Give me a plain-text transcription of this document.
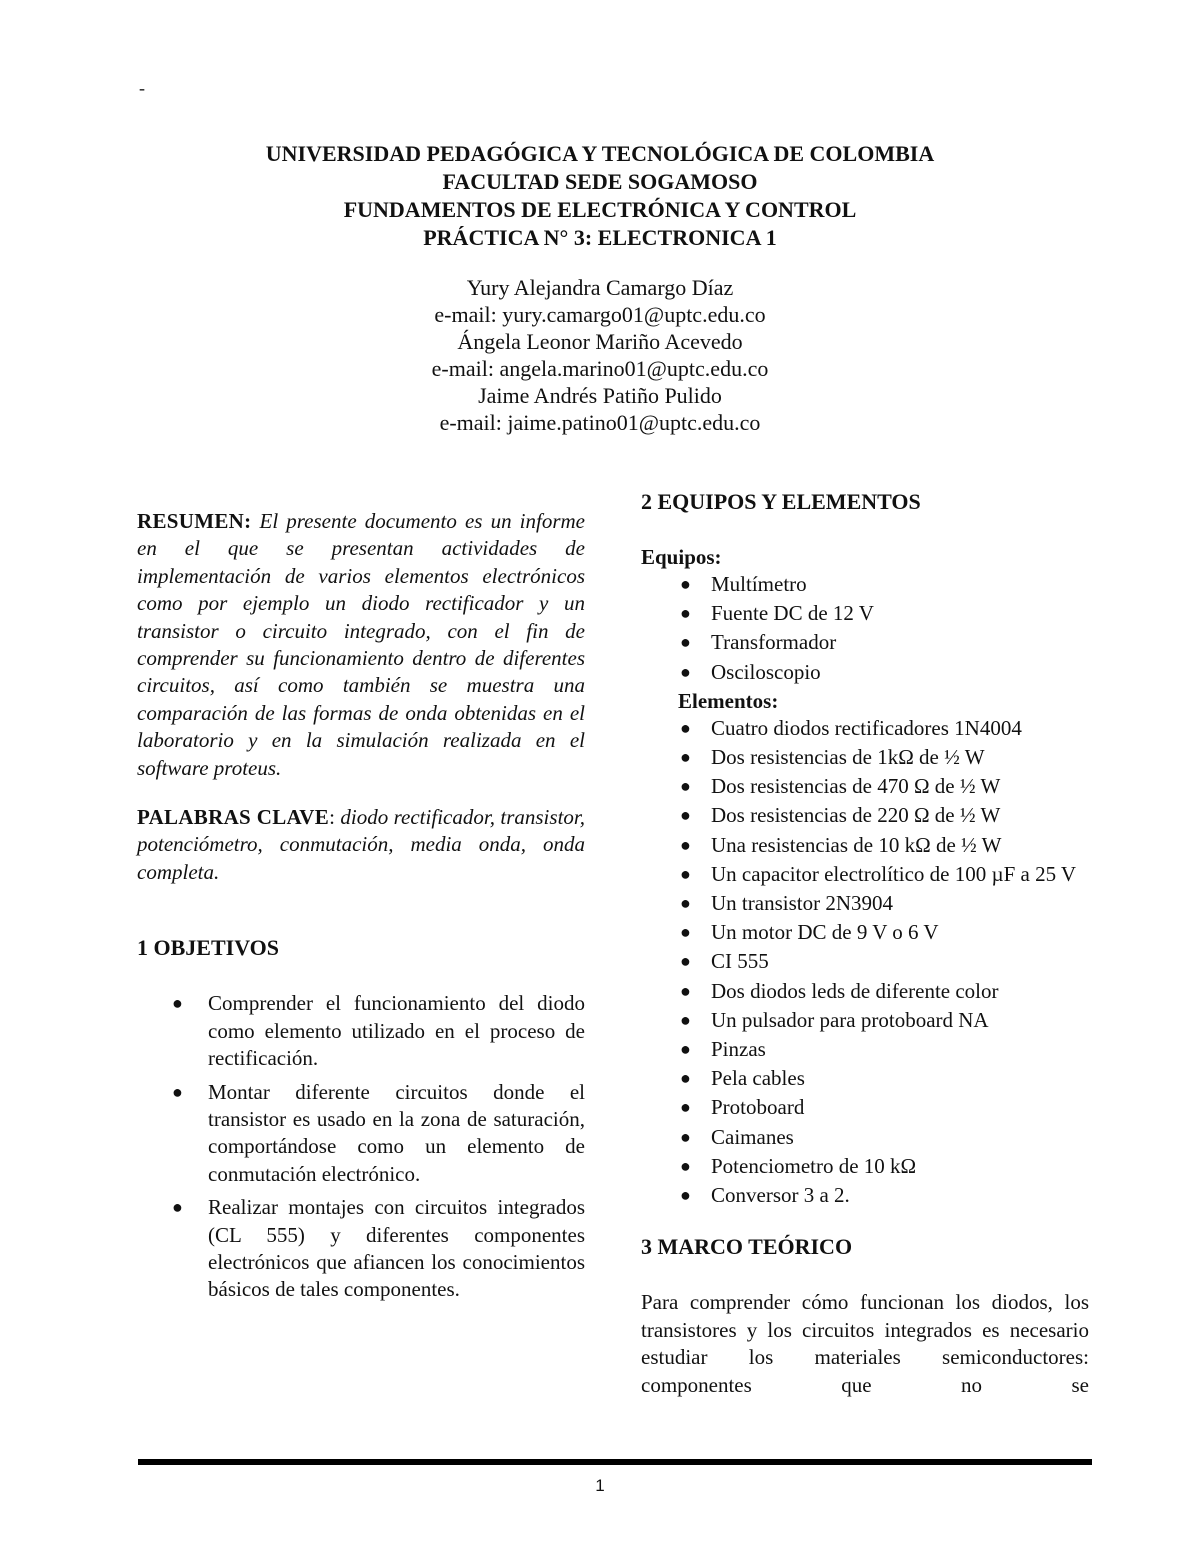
-
UNIVERSIDAD PEDAGÓGICA Y TECNOLÓGICA DE COLOMBIA
FACULTAD SEDE SOGAMOSO
FUNDAMENTOS DE ELECTRÓNICA Y CONTROL
PRÁCTICA N° 3: ELECTRONICA 1
Yury Alejandra Camargo Díaz
e-mail: yury.camargo01@uptc.edu.co
Ángela Leonor Mariño Acevedo
e-mail: angela.marino01@uptc.edu.co
Jaime Andrés Patiño Pulido
e-mail: jaime.patino01@uptc.edu.co

RESUMEN: El presente documento es un informe en el que se presentan actividades de implementación de varios elementos electrónicos como por ejemplo un diodo rectificador y un transistor o circuito integrado, con el fin de comprender su funcionamiento dentro de diferentes circuitos, así como también se muestra una comparación de las formas de onda obtenidas en el laboratorio y en la simulación realizada en el software proteus.

PALABRAS CLAVE: diodo rectificador, transistor, potenciómetro, conmutación, media onda, onda completa.

1 OBJETIVOS
● Comprender el funcionamiento del diodo como elemento utilizado en el proceso de rectificación.
● Montar diferente circuitos donde el transistor es usado en la zona de saturación, comportándose como un elemento de conmutación electrónico.
● Realizar montajes con circuitos integrados (CL 555) y diferentes componentes electrónicos que afiancen los conocimientos básicos de tales componentes.
2 EQUIPOS Y ELEMENTOS
Equipos:
● Multímetro
● Fuente DC de 12 V
● Transformador
● Osciloscopio
Elementos:
● Cuatro diodos rectificadores 1N4004
● Dos resistencias de 1kΩ de ½ W
● Dos resistencias de 470 Ω de ½ W
● Dos resistencias de 220 Ω de ½ W
● Una resistencias de 10 kΩ de ½ W
● Un capacitor electrolítico de 100 µF a 25 V
● Un transistor 2N3904
● Un motor DC de 9 V o 6 V
● CI 555
● Dos diodos leds de diferente color
● Un pulsador para protoboard NA
● Pinzas
● Pela cables
● Protoboard
● Caimanes
● Potenciometro de 10 kΩ
● Conversor 3 a 2.
3 MARCO TEÓRICO

Para comprender cómo funcionan los diodos, los transistores y los circuitos integrados es necesario estudiar los materiales semiconductores: componentes que no se

1
